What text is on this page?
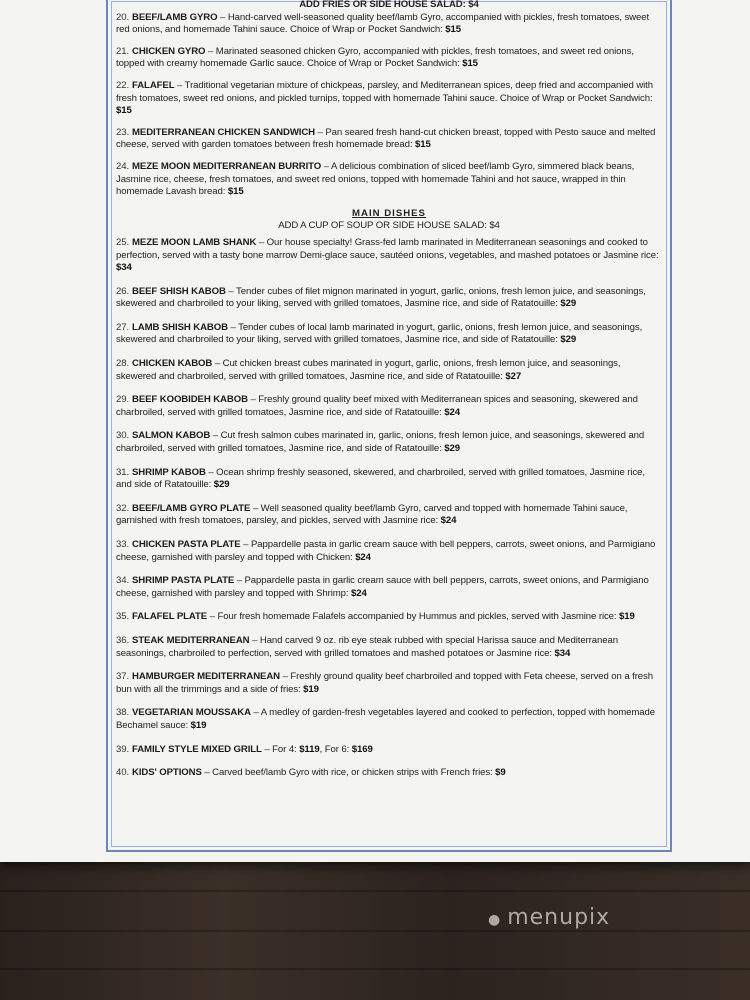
ADD FRIES OR SIDE HOUSE SALAD: $4
20. BEEF/LAMB GYRO – Hand-carved well-seasoned quality beef/lamb Gyro, accompanied with pickles, fresh tomatoes, sweet red onions, and homemade Tahini sauce. Choice of Wrap or Pocket Sandwich: $15
21. CHICKEN GYRO – Marinated seasoned chicken Gyro, accompanied with pickles, fresh tomatoes, and sweet red onions, topped with creamy homemade Garlic sauce. Choice of Wrap or Pocket Sandwich: $15
22. FALAFEL – Traditional vegetarian mixture of chickpeas, parsley, and Mediterranean spices, deep fried and accompanied with fresh tomatoes, sweet red onions, and pickled turnips, topped with homemade Tahini sauce. Choice of Wrap or Pocket Sandwich: $15
23. MEDITERRANEAN CHICKEN SANDWICH – Pan seared fresh hand-cut chicken breast, topped with Pesto sauce and melted cheese, served with garden tomatoes between fresh homemade bread: $15
24. MEZE MOON MEDITERRANEAN BURRITO – A delicious combination of sliced beef/lamb Gyro, simmered black beans, Jasmine rice, cheese, fresh tomatoes, and sweet red onions, topped with homemade Tahini and hot sauce, wrapped in thin homemade Lavash bread: $15
MAIN DISHES
ADD A CUP OF SOUP OR SIDE HOUSE SALAD: $4
25. MEZE MOON LAMB SHANK – Our house specialty! Grass-fed lamb marinated in Mediterranean seasonings and cooked to perfection, served with a tasty bone marrow Demi-glace sauce, sautéed onions, vegetables, and mashed potatoes or Jasmine rice: $34
26. BEEF SHISH KABOB – Tender cubes of filet mignon marinated in yogurt, garlic, onions, fresh lemon juice, and seasonings, skewered and charbroiled to your liking, served with grilled tomatoes, Jasmine rice, and side of Ratatouille: $29
27. LAMB SHISH KABOB – Tender cubes of local lamb marinated in yogurt, garlic, onions, fresh lemon juice, and seasonings, skewered and charbroiled to your liking, served with grilled tomatoes, Jasmine rice, and side of Ratatouille: $29
28. CHICKEN KABOB – Cut chicken breast cubes marinated in yogurt, garlic, onions, fresh lemon juice, and seasonings, skewered and charbroiled, served with grilled tomatoes, Jasmine rice, and side of Ratatouille: $27
29. BEEF KOOBIDEH KABOB – Freshly ground quality beef mixed with Mediterranean spices and seasoning, skewered and charbroiled, served with grilled tomatoes, Jasmine rice, and side of Ratatouille: $24
30. SALMON KABOB – Cut fresh salmon cubes marinated in, garlic, onions, fresh lemon juice, and seasonings, skewered and charbroiled, served with grilled tomatoes, Jasmine rice, and side of Ratatouille: $29
31. SHRIMP KABOB – Ocean shrimp freshly seasoned, skewered, and charbroiled, served with grilled tomatoes, Jasmine rice, and side of Ratatouille: $29
32. BEEF/LAMB GYRO PLATE – Well seasoned quality beef/lamb Gyro, carved and topped with homemade Tahini sauce, garnished with fresh tomatoes, parsley, and pickles, served with Jasmine rice: $24
33. CHICKEN PASTA PLATE – Pappardelle pasta in garlic cream sauce with bell peppers, carrots, sweet onions, and Parmigiano cheese, garnished with parsley and topped with Chicken: $24
34. SHRIMP PASTA PLATE – Pappardelle pasta in garlic cream sauce with bell peppers, carrots, sweet onions, and Parmigiano cheese, garnished with parsley and topped with Shrimp: $24
35. FALAFEL PLATE – Four fresh homemade Falafels accompanied by Hummus and pickles, served with Jasmine rice: $19
36. STEAK MEDITERRANEAN – Hand carved 9 oz. rib eye steak rubbed with special Harissa sauce and Mediterranean seasonings, charbroiled to perfection, served with grilled tomatoes and mashed potatoes or Jasmine rice: $34
37. HAMBURGER MEDITERRANEAN – Freshly ground quality beef charbroiled and topped with Feta cheese, served on a fresh bun with all the trimmings and a side of fries: $19
38. VEGETARIAN MOUSSAKA – A medley of garden-fresh vegetables layered and cooked to perfection, topped with homemade Bechamel sauce: $19
39. FAMILY STYLE MIXED GRILL – For 4: $119, For 6: $169
40. KIDS' OPTIONS – Carved beef/lamb Gyro with rice, or chicken strips with French fries: $9
● menupix
